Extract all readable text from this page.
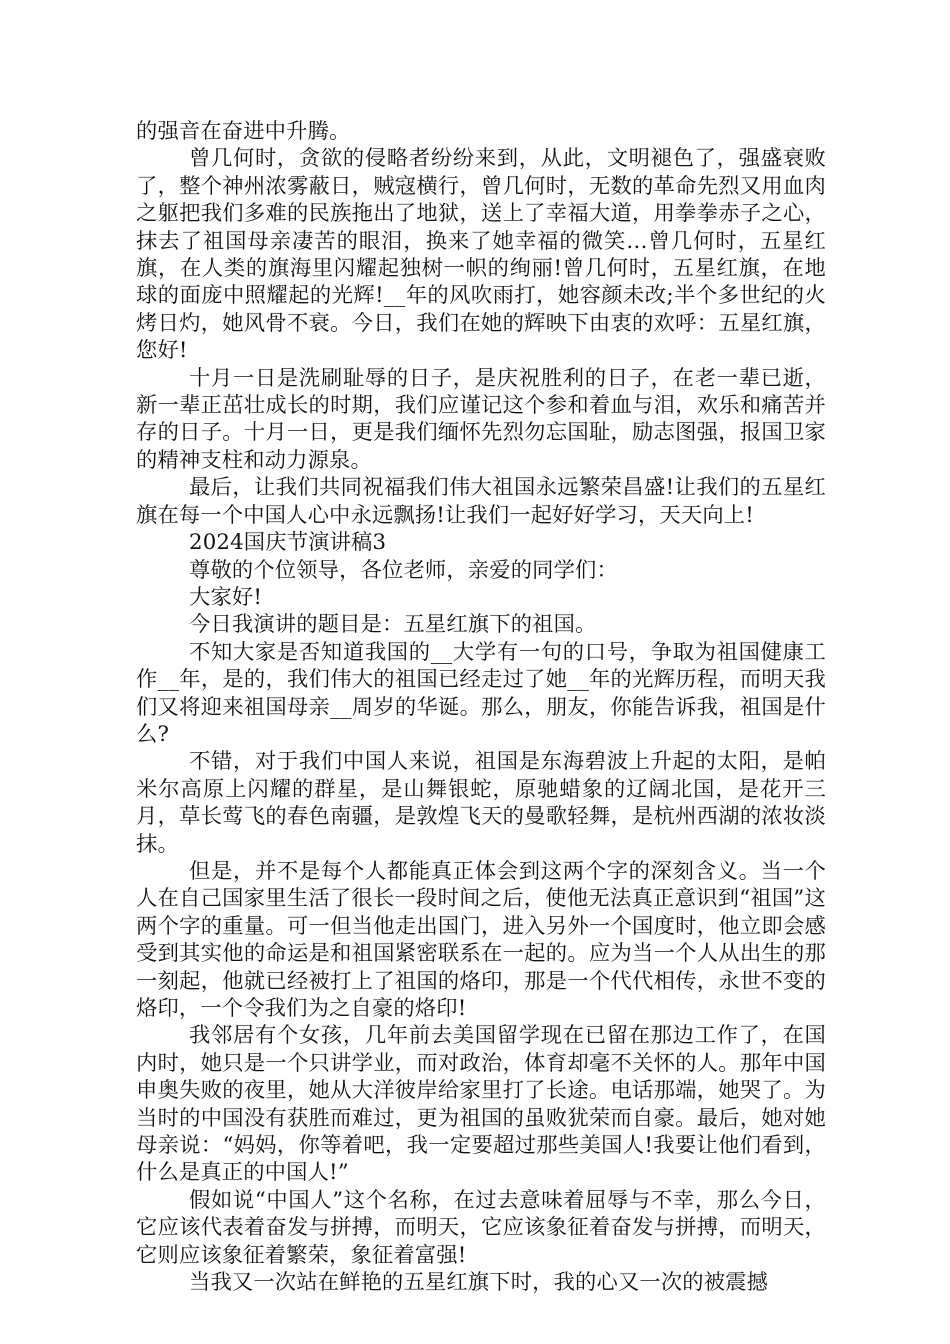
的强音在奋进中升腾。

曾几何时，贪欲的侵略者纷纷来到，从此，文明褪色了，强盛衰败了，整个神州浓雾蔽日，贼寇横行，曾几何时，无数的革命先烈又用血肉之躯把我们多难的民族拖出了地狱，送上了幸福大道，用拳拳赤子之心，抹去了祖国母亲凄苦的眼泪，换来了她幸福的微笑…曾几何时，五星红旗，在人类的旗海里闪耀起独树一帜的绚丽!曾几何时，五星红旗，在地球的面庞中照耀起的光辉!__年的风吹雨打，她容颜未改;半个多世纪的火烤日灼，她风骨不衰。今日，我们在她的辉映下由衷的欢呼：五星红旗，您好!

十月一日是洗刷耻辱的日子，是庆祝胜利的日子，在老一辈已逝，新一辈正茁壮成长的时期，我们应谨记这个参和着血与泪，欢乐和痛苦并存的日子。十月一日，更是我们缅怀先烈勿忘国耻，励志图强，报国卫家的精神支柱和动力源泉。

最后，让我们共同祝福我们伟大祖国永远繁荣昌盛!让我们的五星红旗在每一个中国人心中永远飘扬!让我们一起好好学习，天天向上!

2024国庆节演讲稿3

尊敬的个位领导，各位老师，亲爱的同学们：

大家好!

今日我演讲的题目是：五星红旗下的祖国。

不知大家是否知道我国的__大学有一句的口号，争取为祖国健康工作__年，是的，我们伟大的祖国已经走过了她__年的光辉历程，而明天我们又将迎来祖国母亲__周岁的华诞。那么，朋友，你能告诉我，祖国是什么?

不错，对于我们中国人来说，祖国是东海碧波上升起的太阳，是帕米尔高原上闪耀的群星，是山舞银蛇，原驰蜡象的辽阔北国，是花开三月，草长莺飞的春色南疆，是敦煌飞天的曼歌轻舞，是杭州西湖的浓妆淡抹。

但是，并不是每个人都能真正体会到这两个字的深刻含义。当一个人在自己国家里生活了很长一段时间之后，使他无法真正意识到“祖国”这两个字的重量。可一但当他走出国门，进入另外一个国度时，他立即会感受到其实他的命运是和祖国紧密联系在一起的。应为当一个人从出生的那一刻起，他就已经被打上了祖国的烙印，那是一个代代相传，永世不变的烙印，一个令我们为之自豪的烙印!

我邻居有个女孩，几年前去美国留学现在已留在那边工作了，在国内时，她只是一个只讲学业，而对政治，体育却毫不关怀的人。那年中国申奥失败的夜里，她从大洋彼岸给家里打了长途。电话那端，她哭了。为当时的中国没有获胜而难过，更为祖国的虽败犹荣而自豪。最后，她对她母亲说：“妈妈，你等着吧，我一定要超过那些美国人!我要让他们看到，什么是真正的中国人!”

假如说“中国人”这个名称，在过去意味着屈辱与不幸，那么今日，它应该代表着奋发与拼搏，而明天，它应该象征着奋发与拼搏，而明天，它则应该象征着繁荣，象征着富强!

当我又一次站在鲜艳的五星红旗下时，我的心又一次的被震撼
